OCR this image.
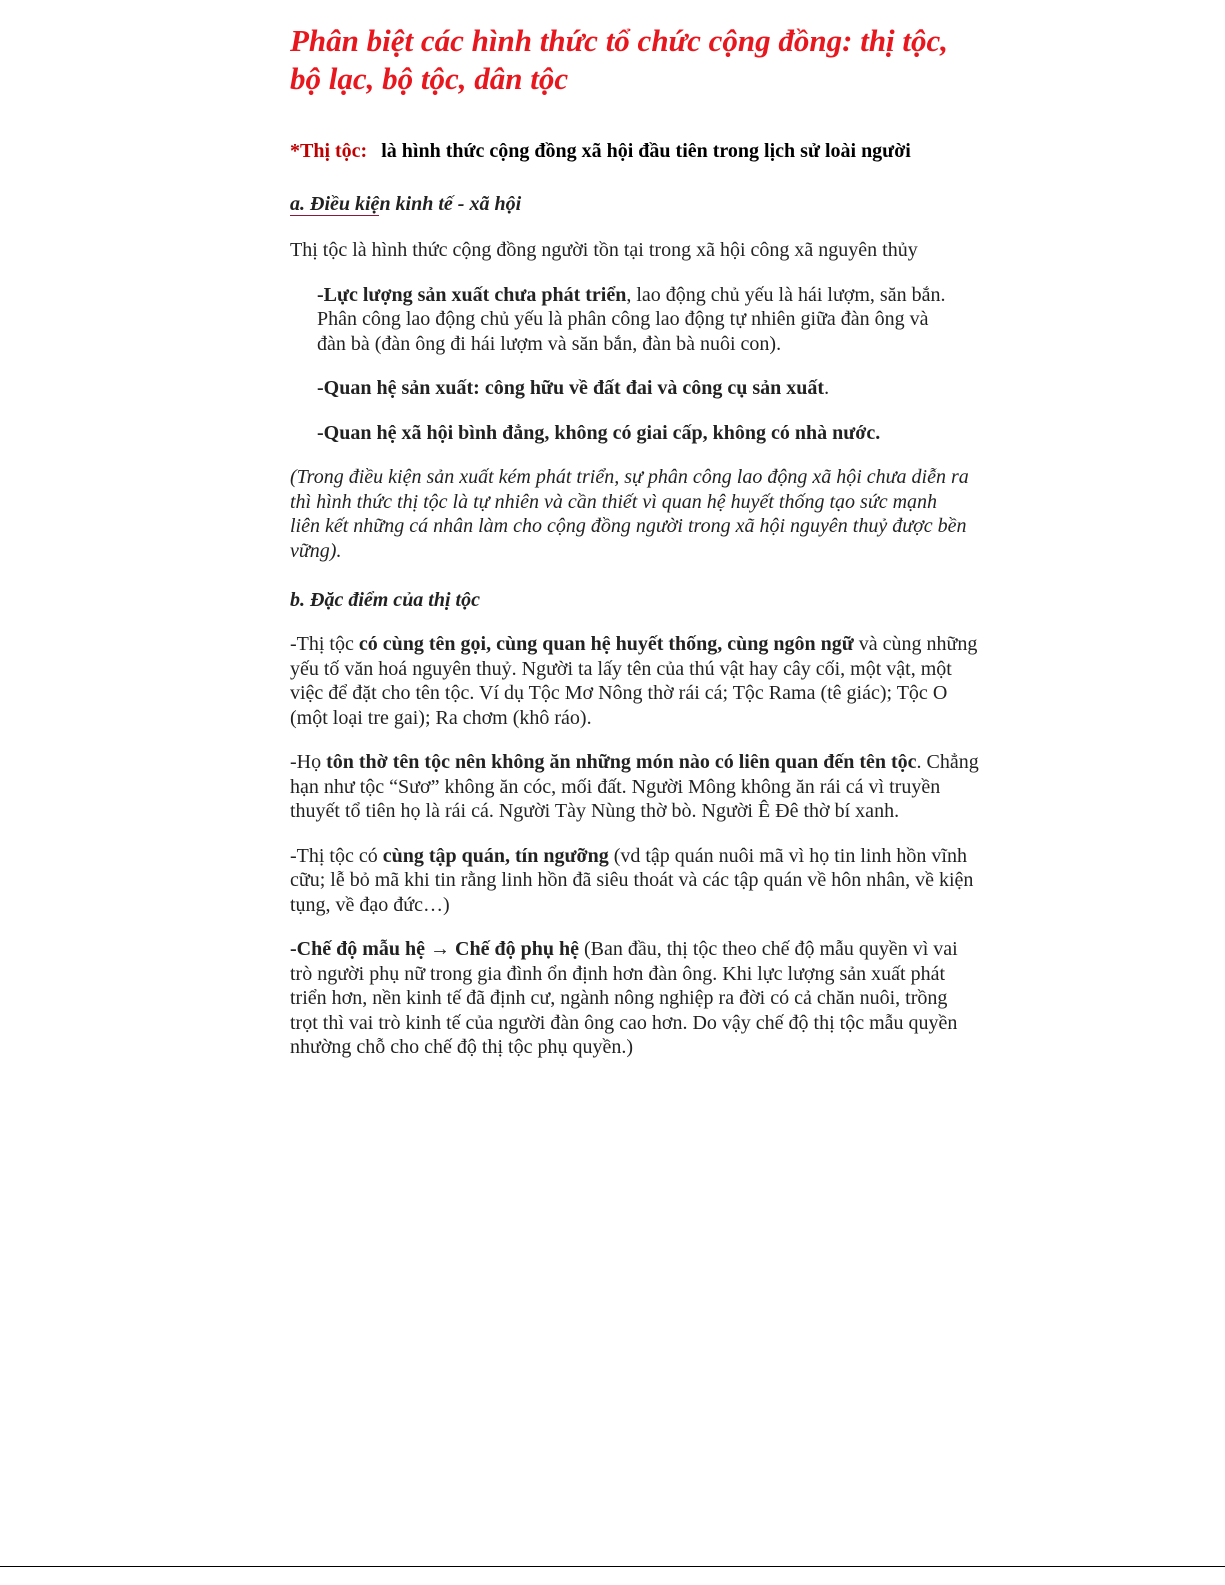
Phân biệt các hình thức tổ chức cộng đồng: thị tộc, bộ lạc, bộ tộc, dân tộc
*Thị tộc: là hình thức cộng đồng xã hội đầu tiên trong lịch sử loài người
a. Điều kiện kinh tế - xã hội
Thị tộc là hình thức cộng đồng người tồn tại trong xã hội công xã nguyên thủy
-Lực lượng sản xuất chưa phát triển, lao động chủ yếu là hái lượm, săn bắn. Phân công lao động chủ yếu là phân công lao động tự nhiên giữa đàn ông và đàn bà (đàn ông đi hái lượm và săn bắn, đàn bà nuôi con).
-Quan hệ sản xuất: công hữu về đất đai và công cụ sản xuất.
-Quan hệ xã hội bình đẳng, không có giai cấp, không có nhà nước.
(Trong điều kiện sản xuất kém phát triển, sự phân công lao động xã hội chưa diễn ra thì hình thức thị tộc là tự nhiên và cần thiết vì quan hệ huyết thống tạo sức mạnh liên kết những cá nhân làm cho cộng đồng người trong xã hội nguyên thuỷ được bền vững).
b. Đặc điểm của thị tộc
-Thị tộc có cùng tên gọi, cùng quan hệ huyết thống, cùng ngôn ngữ và cùng những yếu tố văn hoá nguyên thuỷ. Người ta lấy tên của thú vật hay cây cối, một vật, một việc để đặt cho tên tộc. Ví dụ Tộc Mơ Nông thờ rái cá; Tộc Rama (tê giác); Tộc O (một loại tre gai); Ra chơm (khô ráo).
-Họ tôn thờ tên tộc nên không ăn những món nào có liên quan đến tên tộc. Chẳng hạn như tộc “Sươ” không ăn cóc, mối đất. Người Mông không ăn rái cá vì truyền thuyết tổ tiên họ là rái cá. Người Tày Nùng thờ bò. Người Ê Đê thờ bí xanh.
-Thị tộc có cùng tập quán, tín ngưỡng (vd tập quán nuôi mã vì họ tin linh hồn vĩnh cữu; lễ bỏ mã khi tin rằng linh hồn đã siêu thoát và các tập quán về hôn nhân, về kiện tụng, về đạo đức…)
-Chế độ mẫu hệ → Chế độ phụ hệ (Ban đầu, thị tộc theo chế độ mẫu quyền vì vai trò người phụ nữ trong gia đình ổn định hơn đàn ông. Khi lực lượng sản xuất phát triển hơn, nền kinh tế đã định cư, ngành nông nghiệp ra đời có cả chăn nuôi, trồng trọt thì vai trò kinh tế của người đàn ông cao hơn. Do vậy chế độ thị tộc mẫu quyền nhường chỗ cho chế độ thị tộc phụ quyền.)
